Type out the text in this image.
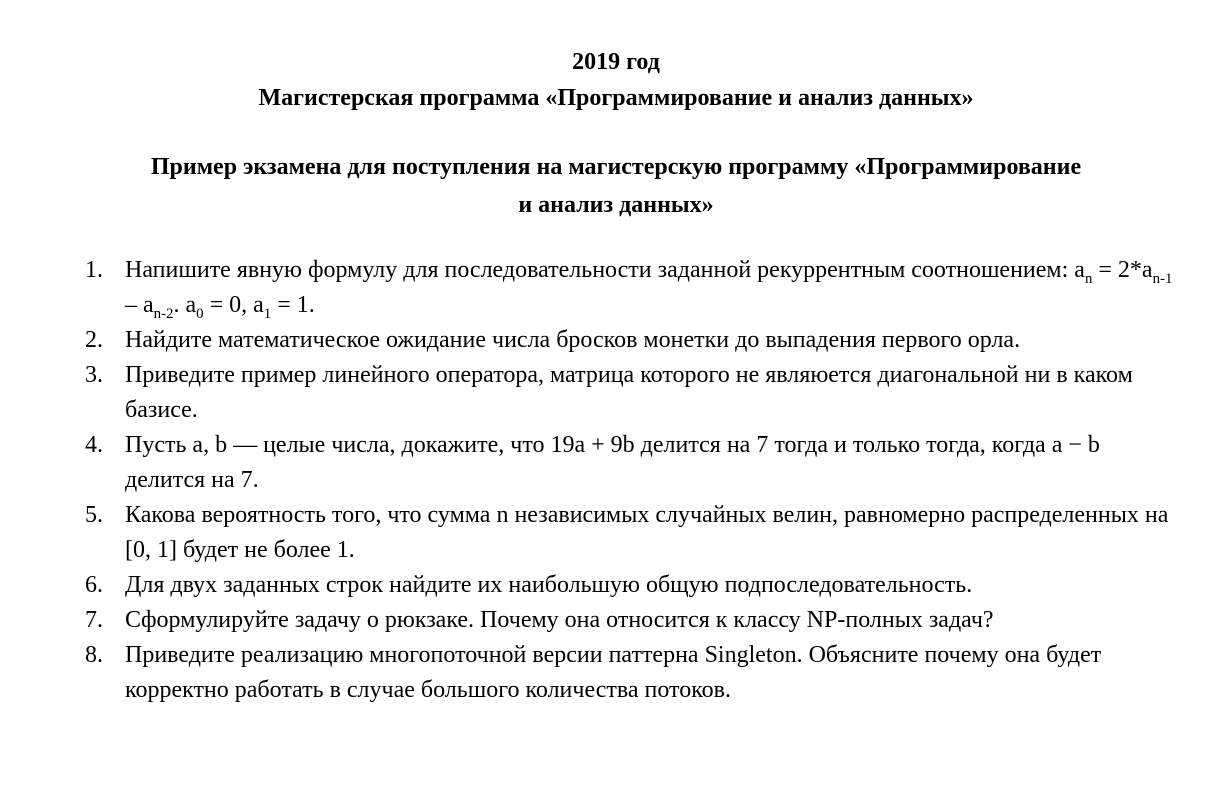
2019 год
Магистерская программа «Программирование и анализ данных»
Пример экзамена для поступления на магистерскую программу «Программирование
и анализ данных»
1. Напишите явную формулу для последовательности заданной рекуррентным соотношением: $a_n = 2*a_{n-1} - a_{n-2}$. $a_0 = 0$, $a_1 = 1$.
2. Найдите математическое ожидание числа бросков монетки до выпадения первого орла.
3. Приведите пример линейного оператора, матрица которого не являюется диагональной ни в каком базисе.
4. Пусть a, b — целые числа, докажите, что 19a + 9b делится на 7 тогда и только тогда, когда a − b делится на 7.
5. Какова вероятность того, что сумма n независимых случайных велин, равномерно распределенных на [0, 1] будет не более 1.
6. Для двух заданных строк найдите их наибольшую общую подпоследовательность.
7. Сформулируйте задачу о рюкзаке. Почему она относится к классу NP-полных задач?
8. Приведите реализацию многопоточной версии паттерна Singleton. Объясните почему она будет корректно работать в случае большого количества потоков.
